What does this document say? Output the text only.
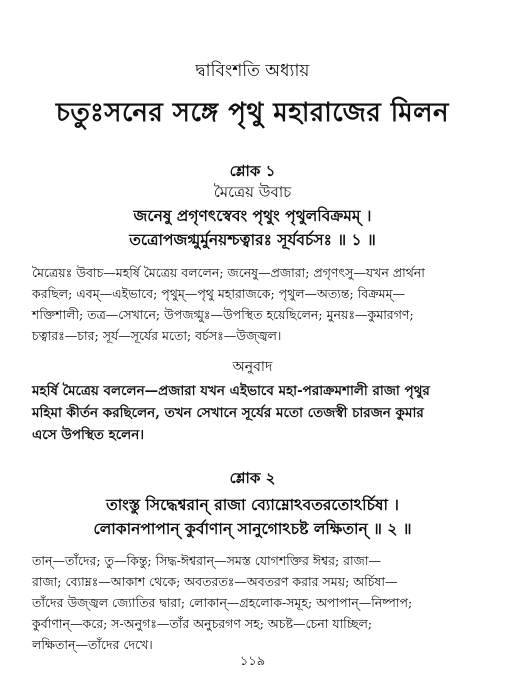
দ্বাবিংশতি অধ্যায়
চতুঃসনের সঙ্গে পৃথু মহারাজের মিলন
শ্লোক ১
মৈত্রেয় উবাচ
জনেষু প্রগৃণৎস্বেবং পৃথুং পৃথুলবিক্রমম্ ।
তত্রোপজগ্মুর্মুনয়শ্চত্বারঃ সূর্যবর্চসঃ ॥ ১ ॥
মৈত্রেয়ঃ উবাচ—মহর্ষি মৈত্রেয় বললেন; জনেষু—প্রজারা; প্রগৃণৎসু—যখন প্রার্থনা
করছিল; এবম্—এইভাবে; পৃথুম্—পৃথু মহারাজকে; পৃথুল—অত্যন্ত; বিক্রমম্—
শক্তিশালী; তত্র—সেখানে; উপজগ্মুঃ—উপস্থিত হয়েছিলেন; মুনয়ঃ—কুমারগণ;
চত্বারঃ—চার; সূর্য—সূর্যের মতো; বর্চসঃ—উজ্জ্বল।
অনুবাদ
মহর্ষি মৈত্রেয় বললেন—প্রজারা যখন এইভাবে মহা-পরাক্রমশালী রাজা পৃথুর
মহিমা কীর্তন করছিলেন, তখন সেখানে সূর্যের মতো তেজস্বী চারজন কুমার
এসে উপস্থিত হলেন।
শ্লোক ২
তাংস্তু সিদ্ধেশ্বরান্ রাজা ব্যোম্নোঽবতরতোঽর্চিষা ।
লোকানপাপান্ কুর্বাণান্ সানুগোঽচষ্ট লক্ষিতান্ ॥ ২ ॥
তান্—তাঁদের; তু—কিন্তু; সিদ্ধ-ঈশ্বরান্—সমস্ত যোগশক্তির ঈশ্বর; রাজা—
রাজা; ব্যোম্নঃ—আকাশ থেকে; অবতরতঃ—অবতরণ করার সময়; অর্চিষা—
তাঁদের উজ্জ্বল জ্যোতির দ্বারা; লোকান্—গ্রহলোক-সমূহ; অপাপান্—নিষ্পাপ;
কুর্বাণান্—করে; স-অনুগঃ—তাঁর অনুচরগণ সহ; অচষ্ট—চেনা যাচ্ছিল;
লক্ষিতান্—তাঁদের দেখে।
১১৯
